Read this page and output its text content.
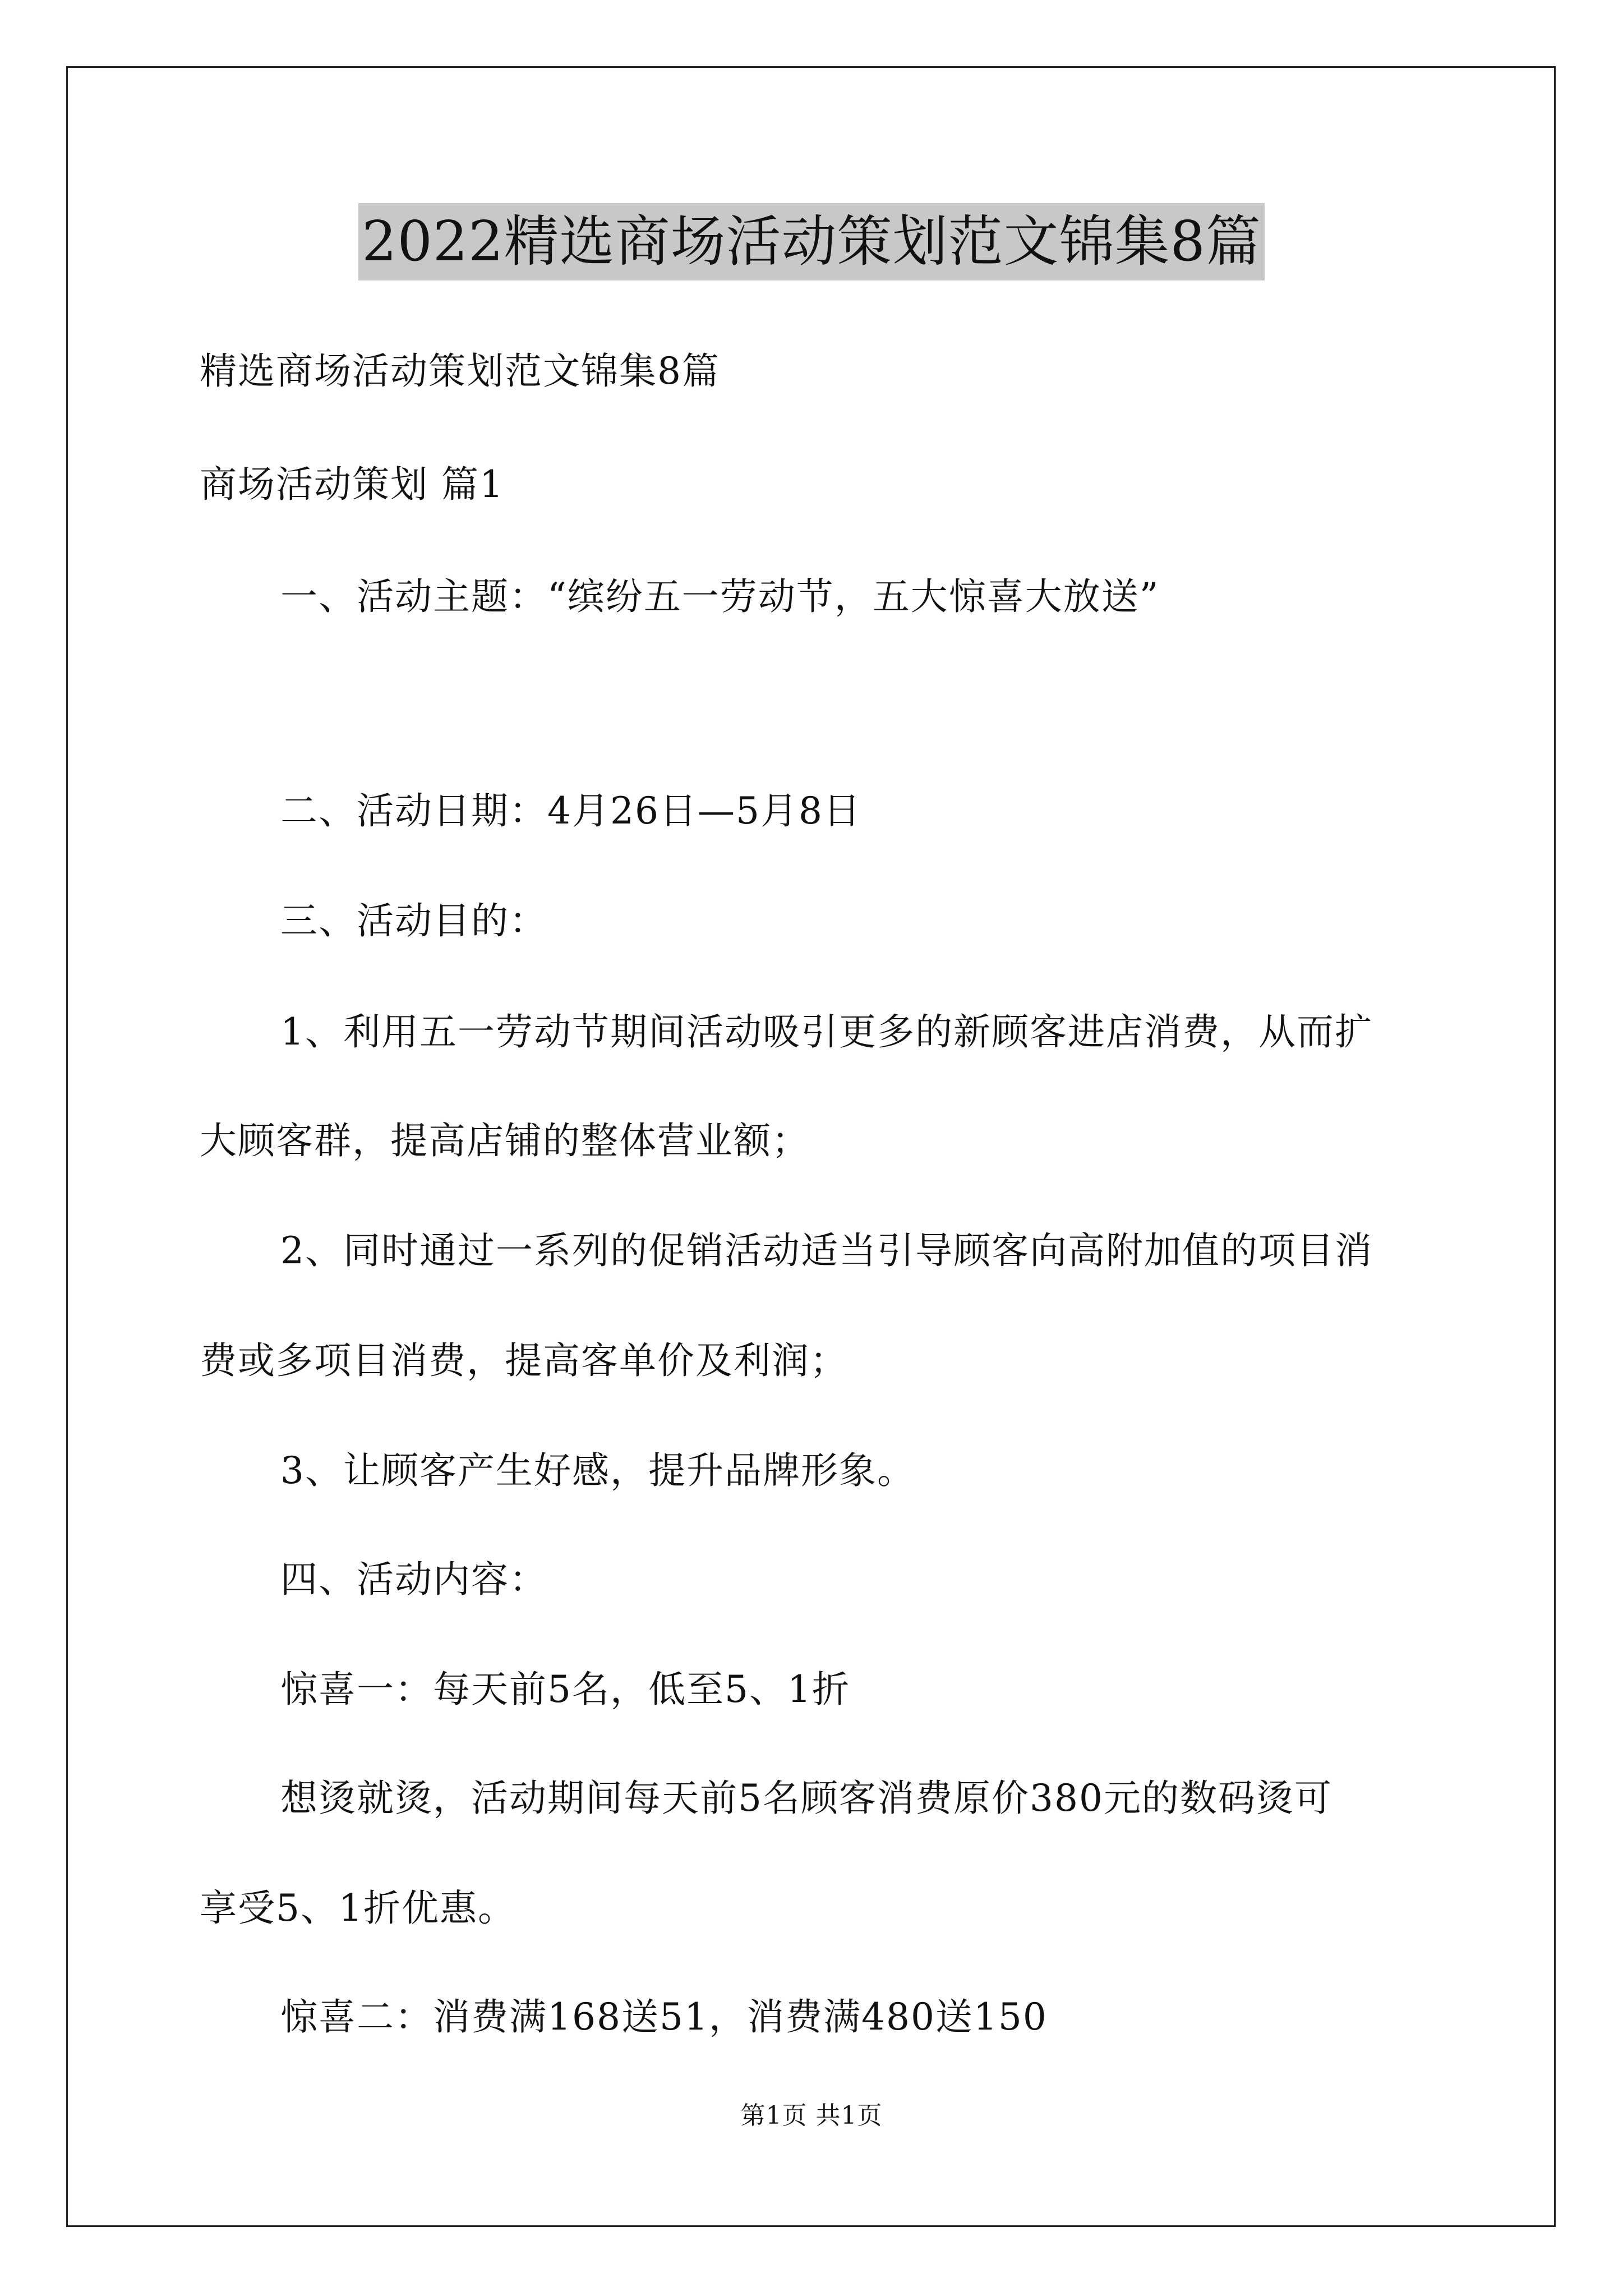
2022精选商场活动策划范文锦集8篇
精选商场活动策划范文锦集8篇
商场活动策划 篇1
一、活动主题：“缤纷五一劳动节，五大惊喜大放送”
二、活动日期：4月26日—5月8日
三、活动目的：
1、利用五一劳动节期间活动吸引更多的新顾客进店消费，从而扩
大顾客群，提高店铺的整体营业额；
2、同时通过一系列的促销活动适当引导顾客向高附加值的项目消
费或多项目消费，提高客单价及利润；
3、让顾客产生好感，提升品牌形象。
四、活动内容：
惊喜一：每天前5名，低至5、1折
想烫就烫，活动期间每天前5名顾客消费原价380元的数码烫可
享受5、1折优惠。
惊喜二：消费满168送51，消费满480送150
第1页 共1页
